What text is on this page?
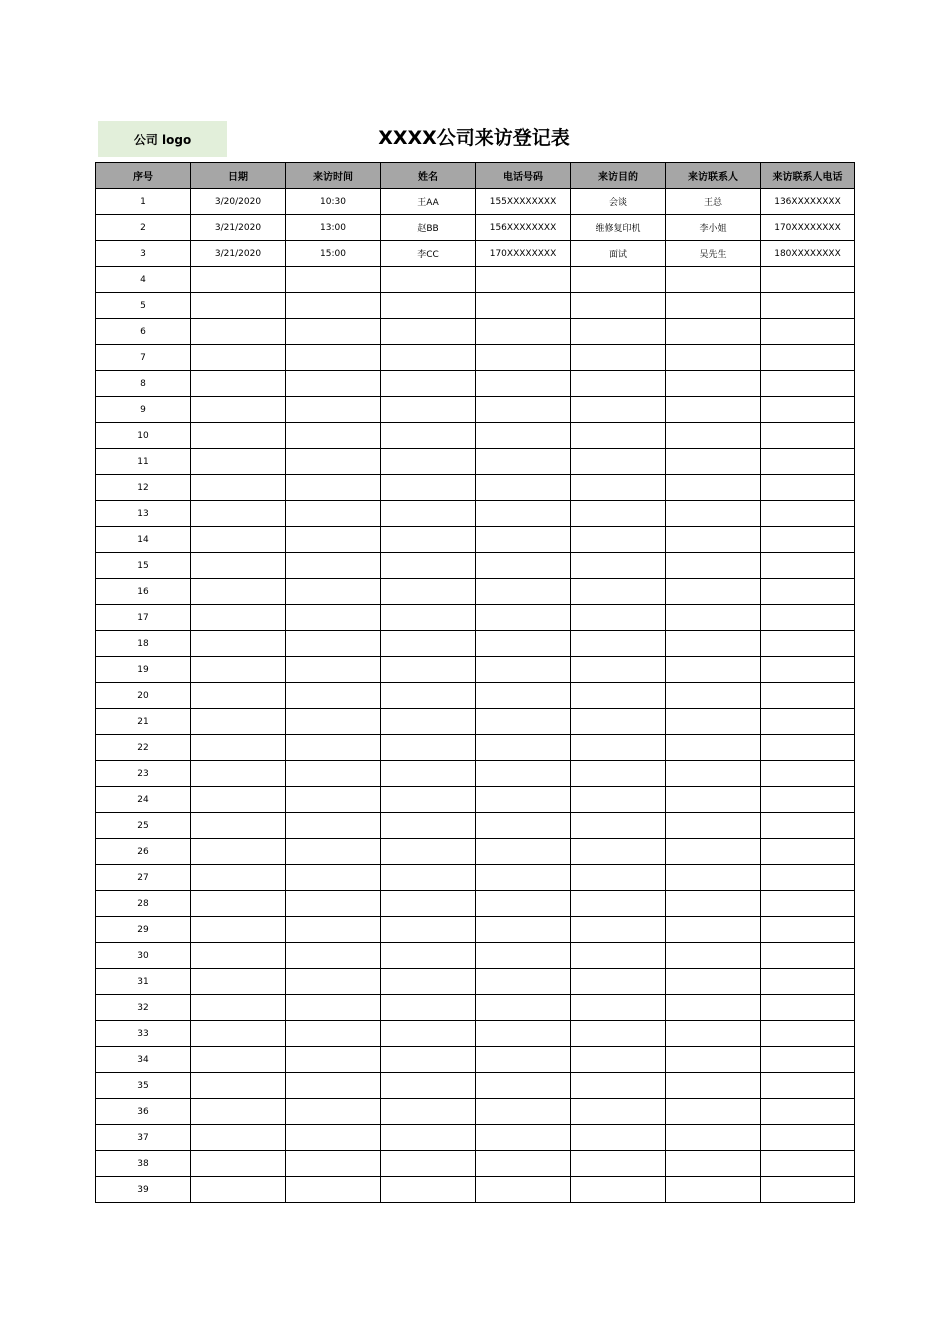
公司 logo	XXXX公司来访登记表
序号	日期	来访时间	姓名	电话号码	来访目的	来访联系人	来访联系人电话
1	3/20/2020	10:30	王AA	155XXXXXXXX	会谈	王总	136XXXXXXXX
2	3/21/2020	13:00	赵BB	156XXXXXXXX	维修复印机	李小姐	170XXXXXXXX
3	3/21/2020	15:00	李CC	170XXXXXXXX	面试	吴先生	180XXXXXXXX
4							
5							
6							
7							
8							
9							
10							
11							
12							
13							
14							
15							
16							
17							
18							
19							
20							
21							
22							
23							
24							
25							
26							
27							
28							
29							
30							
31							
32							
33							
34							
35							
36							
37							
38							
39							
